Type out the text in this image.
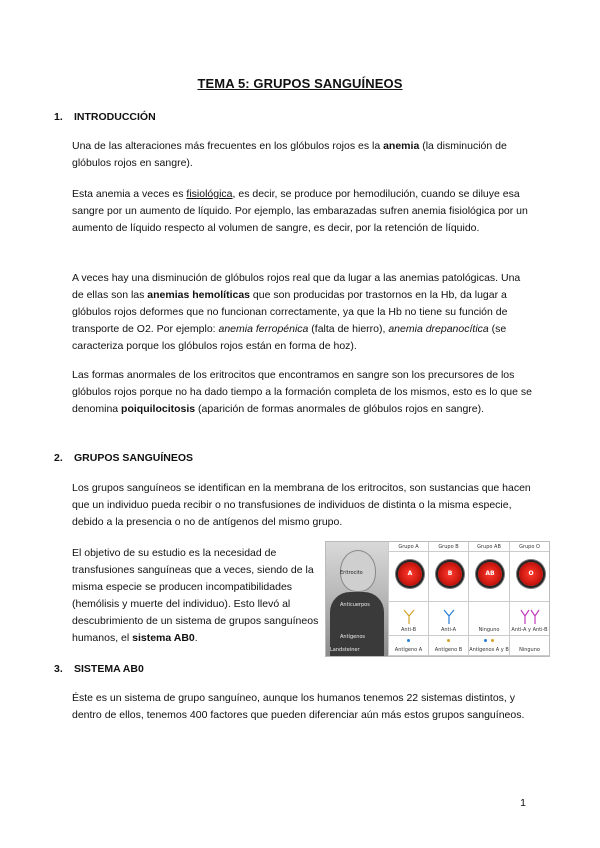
TEMA 5: GRUPOS SANGUÍNEOS
1. INTRODUCCIÓN
Una de las alteraciones más frecuentes en los glóbulos rojos es la anemia (la disminución de glóbulos rojos en sangre).
Esta anemia a veces es fisiológica, es decir, se produce por hemodilución, cuando se diluye esa sangre por un aumento de líquido. Por ejemplo, las embarazadas sufren anemia fisiológica por un aumento de líquido respecto al volumen de sangre, es decir, por la retención de líquido.
A veces hay una disminución de glóbulos rojos real que da lugar a las anemias patológicas. Una de ellas son las anemias hemolíticas que son producidas por trastornos en la Hb, da lugar a glóbulos rojos deformes que no funcionan correctamente, ya que la Hb no tiene su función de transporte de O2. Por ejemplo: anemia ferropénica (falta de hierro), anemia drepanocítica (se caracteriza porque los glóbulos rojos están en forma de hoz).
Las formas anormales de los eritrocitos que encontramos en sangre son los precursores de los glóbulos rojos porque no ha dado tiempo a la formación completa de los mismos, esto es lo que se denomina poiquilocitosis (aparición de formas anormales de glóbulos rojos en sangre).
2. GRUPOS SANGUÍNEOS
Los grupos sanguíneos se identifican en la membrana de los eritrocitos, son sustancias que hacen que un individuo pueda recibir o no transfusiones de individuos de distinta o la misma especie, debido a la presencia o no de antígenos del mismo grupo.
El objetivo de su estudio es la necesidad de transfusiones sanguíneas que a veces, siendo de la misma especie se producen incompatibilidades (hemólisis y muerte del individuo). Esto llevó al descubrimiento de un sistema de grupos sanguíneos humanos, el sistema AB0.
Eritrocito
Anticuerpos
Antígenos
Landsteiner
Grupo A	Grupo B	Grupo AB	Grupo O
A	B	AB	O
Anti-B	Anti-A	Ninguno	Anti-A y Anti-B
Antígeno A	Antígeno B	Antígenos A y B	Ninguno
3. SISTEMA AB0
Éste es un sistema de grupo sanguíneo, aunque los humanos tenemos 22 sistemas distintos, y dentro de ellos, tenemos 400 factores que pueden diferenciar aún más estos grupos sanguíneos.
1
